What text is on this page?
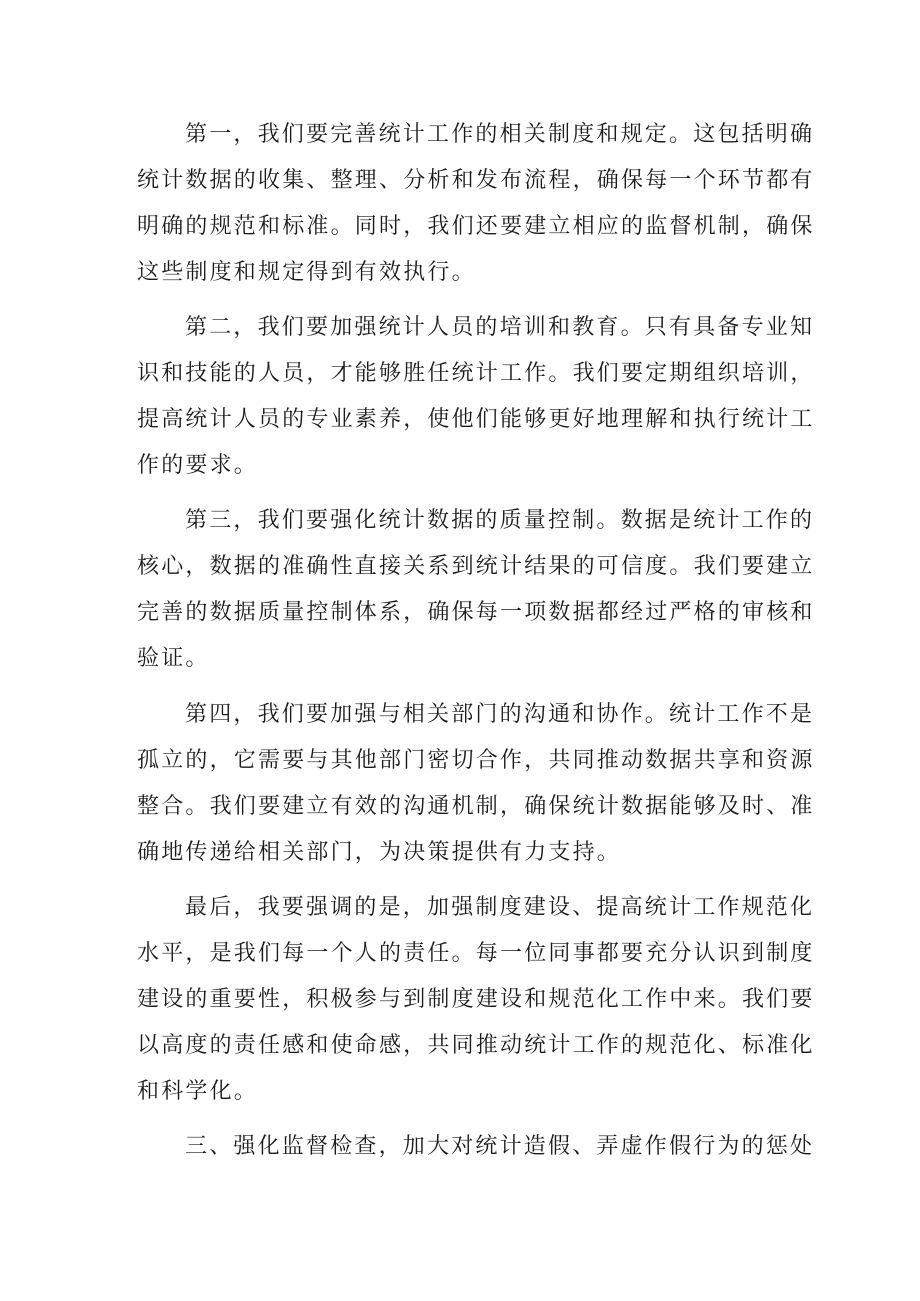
第一，我们要完善统计工作的相关制度和规定。这包括明确
统计数据的收集、整理、分析和发布流程，确保每一个环节都有
明确的规范和标准。同时，我们还要建立相应的监督机制，确保
这些制度和规定得到有效执行。
第二，我们要加强统计人员的培训和教育。只有具备专业知
识和技能的人员，才能够胜任统计工作。我们要定期组织培训，
提高统计人员的专业素养，使他们能够更好地理解和执行统计工
作的要求。
第三，我们要强化统计数据的质量控制。数据是统计工作的
核心，数据的准确性直接关系到统计结果的可信度。我们要建立
完善的数据质量控制体系，确保每一项数据都经过严格的审核和
验证。
第四，我们要加强与相关部门的沟通和协作。统计工作不是
孤立的，它需要与其他部门密切合作，共同推动数据共享和资源
整合。我们要建立有效的沟通机制，确保统计数据能够及时、准
确地传递给相关部门，为决策提供有力支持。
最后，我要强调的是，加强制度建设、提高统计工作规范化
水平，是我们每一个人的责任。每一位同事都要充分认识到制度
建设的重要性，积极参与到制度建设和规范化工作中来。我们要
以高度的责任感和使命感，共同推动统计工作的规范化、标准化
和科学化。
三、强化监督检查，加大对统计造假、弄虚作假行为的惩处
